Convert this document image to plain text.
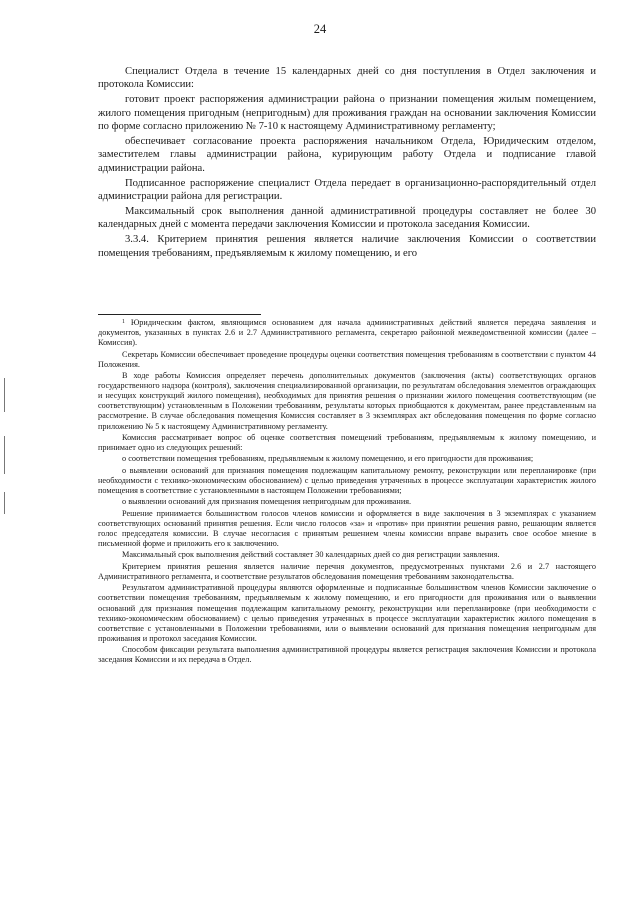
24

Специалист Отдела в течение 15 календарных дней со дня поступления в Отдел заключения и протокола Комиссии:

готовит проект распоряжения администрации района о признании помещения жилым помещением, жилого помещения пригодным (непригодным) для проживания граждан на основании заключения Комиссии по форме согласно приложению № 7-10 к настоящему Административному регламенту;

обеспечивает согласование проекта распоряжения начальником Отдела, Юридическим отделом, заместителем главы администрации района, курирующим работу Отдела и подписание главой администрации района.

Подписанное распоряжение специалист Отдела передает в организационно-распорядительный отдел администрации района для регистрации.

Максимальный срок выполнения данной административной процедуры составляет не более 30 календарных дней с момента передачи заключения Комиссии и протокола заседания Комиссии.

3.3.4. Критерием принятия решения является наличие заключения Комиссии о соответствии помещения требованиям, предъявляемым к жилому помещению, и его

$^1$ Юридическим фактом, являющимся основанием для начала административных действий является передача заявления и документов, указанных в пунктах 2.6 и 2.7 Административного регламента, секретарю районной межведомственной комиссии (далее – Комиссия).

Секретарь Комиссии обеспечивает проведение процедуры оценки соответствия помещения требованиям в соответствии с пунктом 44 Положения.

В ходе работы Комиссия определяет перечень дополнительных документов (заключения (акты) соответствующих органов государственного надзора (контроля), заключения специализированной организации, по результатам обследования элементов ограждающих и несущих конструкций жилого помещения), необходимых для принятия решения о признании жилого помещения соответствующим (не соответствующим) установленным в Положении требованиям, результаты которых приобщаются к документам, ранее представленным на рассмотрение. В случае обследования помещения Комиссия составляет в 3 экземплярах акт обследования помещения по форме согласно приложению № 5 к настоящему Административному регламенту.

Комиссия рассматривает вопрос об оценке соответствия помещений требованиям, предъявляемым к жилому помещению, и принимает одно из следующих решений:

о соответствии помещения требованиям, предъявляемым к жилому помещению, и его пригодности для проживания;

о выявлении оснований для признания помещения подлежащим капитальному ремонту, реконструкции или перепланировке (при необходимости с технико-экономическим обоснованием) с целью приведения утраченных в процессе эксплуатации характеристик жилого помещения в соответствие с установленными в настоящем Положении требованиями;

о выявлении оснований для признания помещения непригодным для проживания.

Решение принимается большинством голосов членов комиссии и оформляется в виде заключения в 3 экземплярах с указанием соответствующих оснований принятия решения. Если число голосов «за» и «против» при принятии решения равно, решающим является голос председателя комиссии. В случае несогласия с принятым решением члены комиссии вправе выразить свое особое мнение в письменной форме и приложить его к заключению.

Максимальный срок выполнения действий составляет 30 календарных дней со дня регистрации заявления.

Критерием принятия решения является наличие перечня документов, предусмотренных пунктами 2.6 и 2.7 настоящего Административного регламента, и соответствие результатов обследования помещения требованиям законодательства.

Результатом административной процедуры являются оформленные и подписанные большинством членов Комиссии заключение о соответствии помещения требованиям, предъявляемым к жилому помещению, и его пригодности для проживания или о выявлении оснований для признания помещения подлежащим капитальному ремонту, реконструкции или перепланировке (при необходимости с технико-экономическим обоснованием) с целью приведения утраченных в процессе эксплуатации характеристик жилого помещения в соответствие с установленными в Положении требованиями, или о выявлении оснований для признания помещения непригодным для проживания и протокол заседания Комиссии.

Способом фиксации результата выполнения административной процедуры является регистрация заключения Комиссии и протокола заседания Комиссии и их передача в Отдел.
